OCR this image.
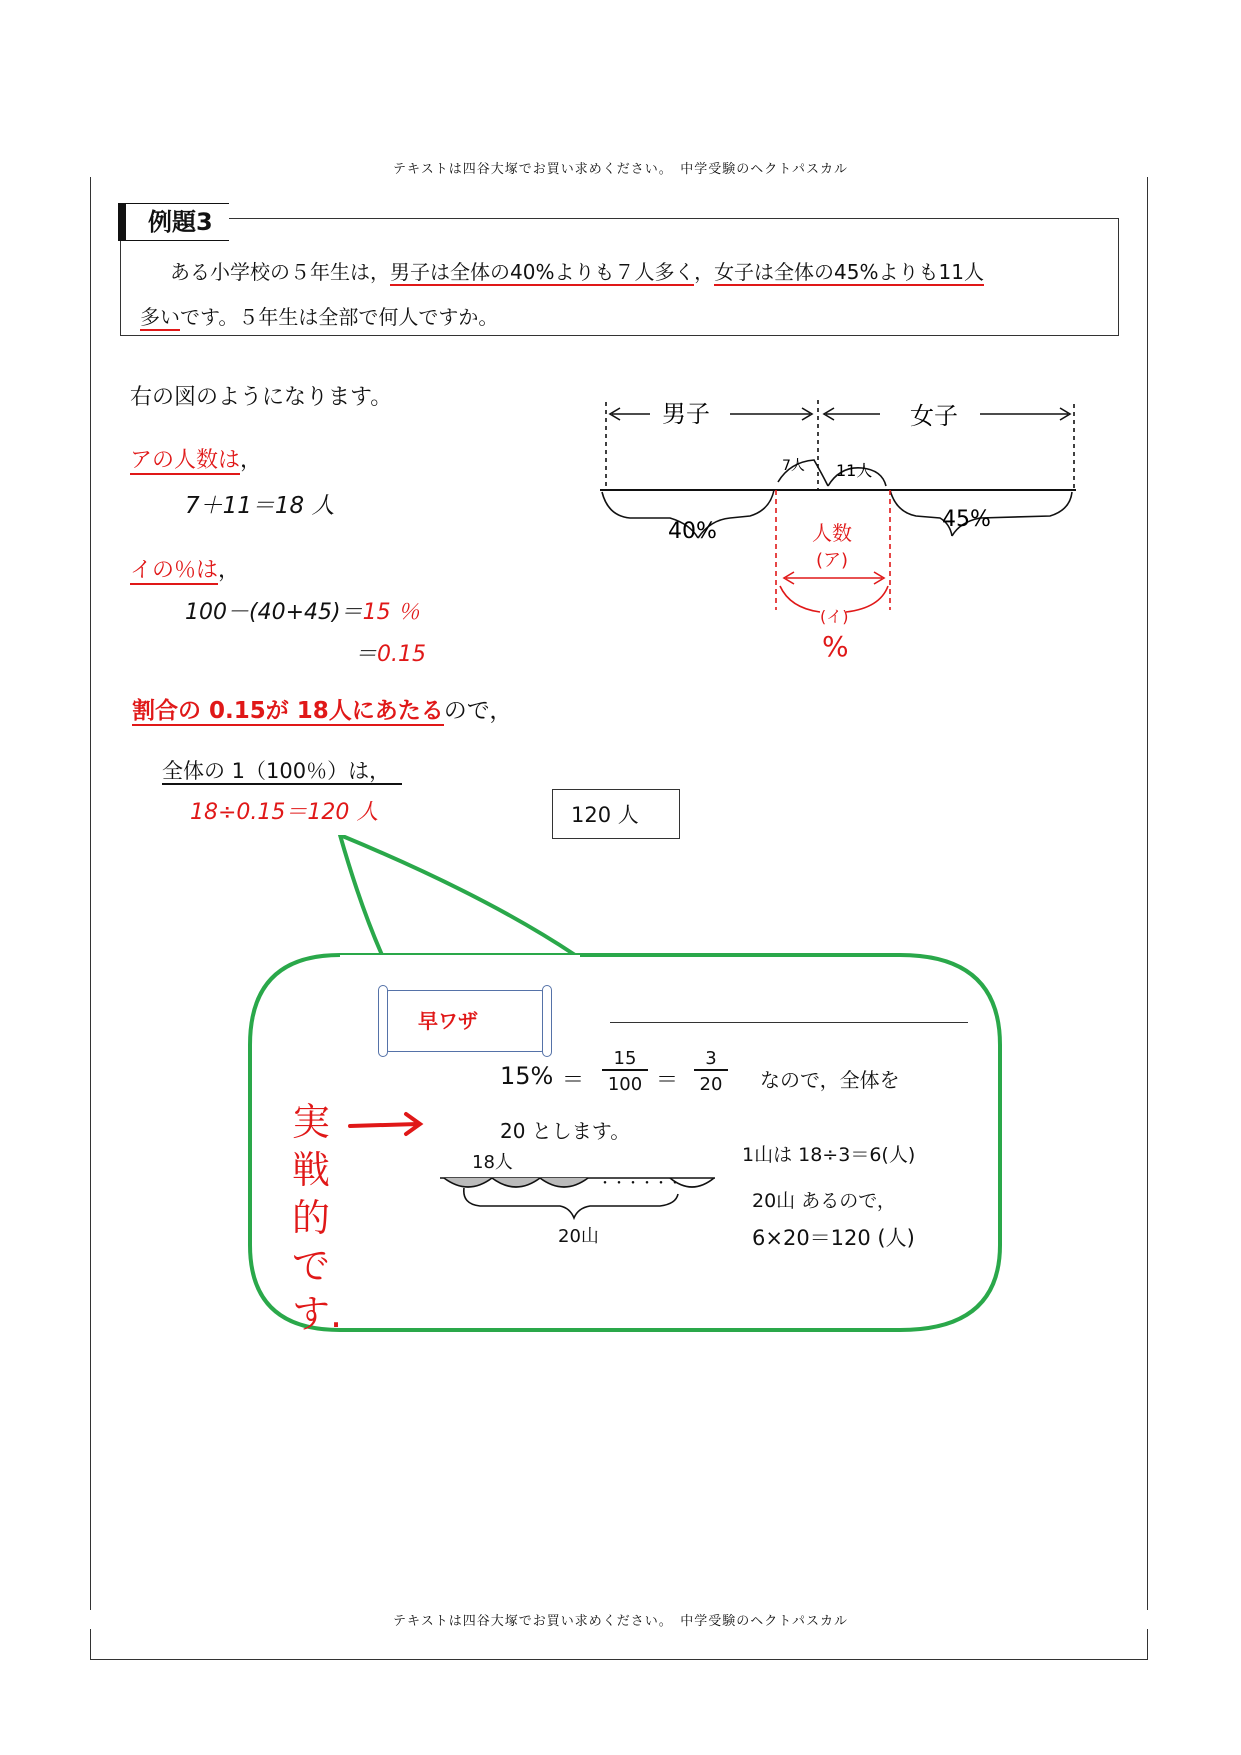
テキストは四谷大塚でお買い求めください。　中学受験のヘクトパスカル
例題3
ある小学校の５年生は，男子は全体の40%よりも７人多く，女子は全体の45%よりも11人
多いです。５年生は全部で何人ですか。
右の図のようになります。
アの人数は，
7＋11＝18 人
イの％は，
100－(40+45)＝15 ％
＝0.15
割合の 0.15が 18人にあたるので，
全体の 1（100％）は，
18÷0.15＝120 人	120 人
男子	女子
7人 11人
40%	45%
人数
(ア)
(イ)
%
早ワザ
15% ＝
15
100 ＝
3
20 なので，全体を
20 とします。
18人
・・・・・・
20山
1山は 18÷3＝6(人)
20山 あるので，
6×20＝120 (人)
実
戦
的
で
す.
テキストは四谷大塚でお買い求めください。　中学受験のヘクトパスカル
